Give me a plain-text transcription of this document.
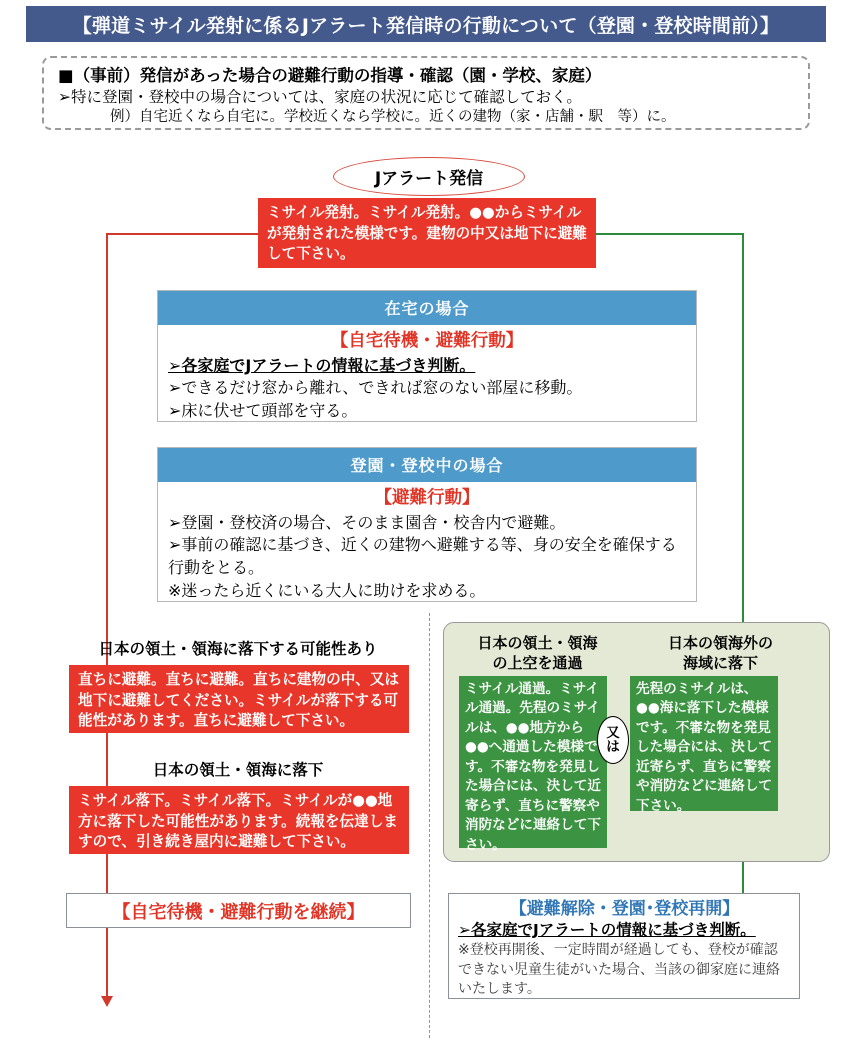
【弾道ミサイル発射に係るJアラート発信時の行動について（登園・登校時間前）】
■（事前）発信があった場合の避難行動の指導・確認（園・学校、家庭）
➢特に登園・登校中の場合については、家庭の状況に応じて確認しておく。
例）自宅近くなら自宅に。学校近くなら学校に。近くの建物（家・店舗・駅　等）に。
Jアラート発信
ミサイル発射。ミサイル発射。●●からミサイルが発射された模様です。建物の中又は地下に避難して下さい。
在宅の場合
【自宅待機・避難行動】
➢各家庭でJアラートの情報に基づき判断。
➢できるだけ窓から離れ、できれば窓のない部屋に移動。
➢床に伏せて頭部を守る。
登園・登校中の場合
【避難行動】
➢登園・登校済の場合、そのまま園舎・校舎内で避難。
➢事前の確認に基づき、近くの建物へ避難する等、身の安全を確保する行動をとる。
※迷ったら近くにいる大人に助けを求める。
日本の領土・領海に落下する可能性あり
直ちに避難。直ちに避難。直ちに建物の中、又は地下に避難してください。ミサイルが落下する可能性があります。直ちに避難して下さい。
日本の領土・領海に落下
ミサイル落下。ミサイル落下。ミサイルが●●地方に落下した可能性があります。続報を伝達しますので、引き続き屋内に避難して下さい。
日本の領土・領海
の上空を通過
ミサイル通過。ミサイル通過。先程のミサイルは、●●地方から●●へ通過した模様です。不審な物を発見した場合には、決して近寄らず、直ちに警察や消防などに連絡して下さい。
日本の領海外の
海域に落下
先程のミサイルは、●●海に落下した模様です。不審な物を発見した場合には、決して近寄らず、直ちに警察や消防などに連絡して下さい。
又
は
【自宅待機・避難行動を継続】	【避難解除・登園･登校再開】
➢各家庭でJアラートの情報に基づき判断。
※登校再開後、一定時間が経過しても、登校が確認できない児童生徒がいた場合、当該の御家庭に連絡いたします。
